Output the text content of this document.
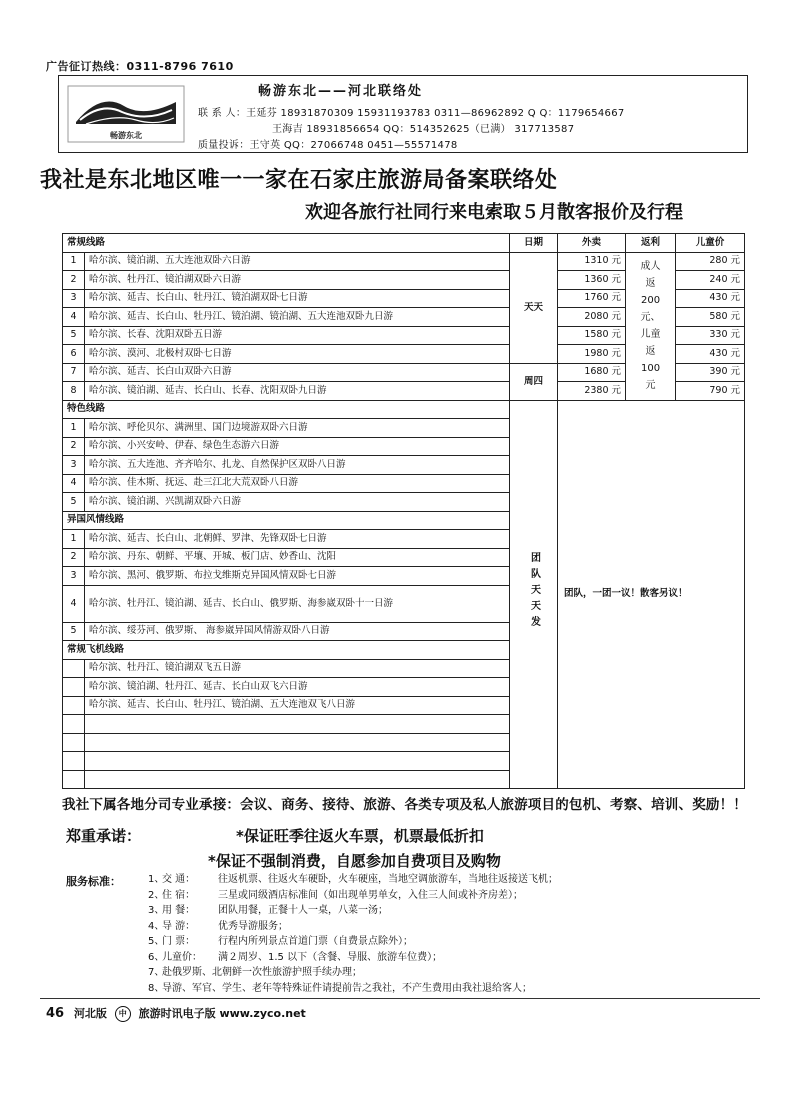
广告征订热线：0311-8796 7610
畅游东北
畅游东北——河北联络处
联 系 人：王延芬 18931870309 15931193783 0311—86962892 Q Q：1179654667
王海吉 18931856654 QQ：514352625（已满） 317713587
质量投诉：王守英 QQ：27066748 0451—55571478
我社是东北地区唯一一家在石家庄旅游局备案联络处
欢迎各旅行社同行来电索取５月散客报价及行程
常规线路		日期	外卖	返利	儿童价
1	哈尔滨、镜泊湖、五大连池双卧六日游	天天	1310 元	成人返200元、儿童返100元	280 元
2	哈尔滨、牡丹江、镜泊湖双卧六日游		1360 元		240 元
3	哈尔滨、延吉、长白山、牡丹江、镜泊湖双卧七日游		1760 元		430 元
4	哈尔滨、延吉、长白山、牡丹江、镜泊湖、镜泊湖、五大连池双卧九日游		2080 元		580 元
5	哈尔滨、长春、沈阳双卧五日游		1580 元		330 元
6	哈尔滨、漠河、北极村双卧七日游		1980 元		430 元
7	哈尔滨、延吉、长白山双卧六日游	周四	1680 元		390 元
8	哈尔滨、镜泊湖、延吉、长白山、长春、沈阳双卧九日游		2380 元		790 元
特色线路		团队天天发	团队，一团一议！散客另议！		
1	哈尔滨、呼伦贝尔、满洲里、国门边境游双卧六日游				
2	哈尔滨、小兴安岭、伊春、绿色生态游六日游				
3	哈尔滨、五大连池、齐齐哈尔、扎龙、自然保护区双卧八日游				
4	哈尔滨、佳木斯、抚远、赴三江北大荒双卧八日游				
5	哈尔滨、镜泊湖、兴凯湖双卧六日游				
异国风情线路					
1	哈尔滨、延吉、长白山、北朝鲜、罗津、先锋双卧七日游				
2	哈尔滨、丹东、朝鲜、平壤、开城、板门店、妙香山、沈阳				
3	哈尔滨、黑河、俄罗斯、布拉戈维斯克异国风情双卧七日游				
4	哈尔滨、牡丹江、镜泊湖、延吉、长白山、俄罗斯、海参崴双卧十一日游				
5	哈尔滨、绥芬河、俄罗斯、 海参崴异国风情游双卧八日游				
常规飞机线路					
	哈尔滨、牡丹江、镜泊湖双飞五日游				
	哈尔滨、镜泊湖、牡丹江、延吉、长白山双飞六日游				
	哈尔滨、延吉、长白山、牡丹江、镜泊湖、五大连池双飞八日游				

我社下属各地分司专业承接：会议、商务、接待、旅游、各类专项及私人旅游项目的包机、考察、培训、奖励！！
郑重承诺：	*保证旺季往返火车票，机票最低折扣
*保证不强制消费，自愿参加自费项目及购物
服务标准：	1、交 通： 往返机票、往返火车硬卧，火车硬座，当地空调旅游车，当地往返接送飞机；
2、住 宿： 三星或同级酒店标准间（如出现单男单女，入住三人间或补齐房差）；
3、用 餐： 团队用餐，正餐十人一桌，八菜一汤；
4、导 游： 优秀导游服务；
5、门 票： 行程内所列景点首道门票（自费景点除外）；
6、儿童价： 满２周岁、1.5 以下（含餐、导服、旅游车位费）；
7、赴俄罗斯、北朝鲜一次性旅游护照手续办理；
8、导游、军官、学生、老年等特殊证件请提前告之我社，不产生费用由我社退给客人；
46 河北版 中 旅游时讯电子版 www.zyco.net
